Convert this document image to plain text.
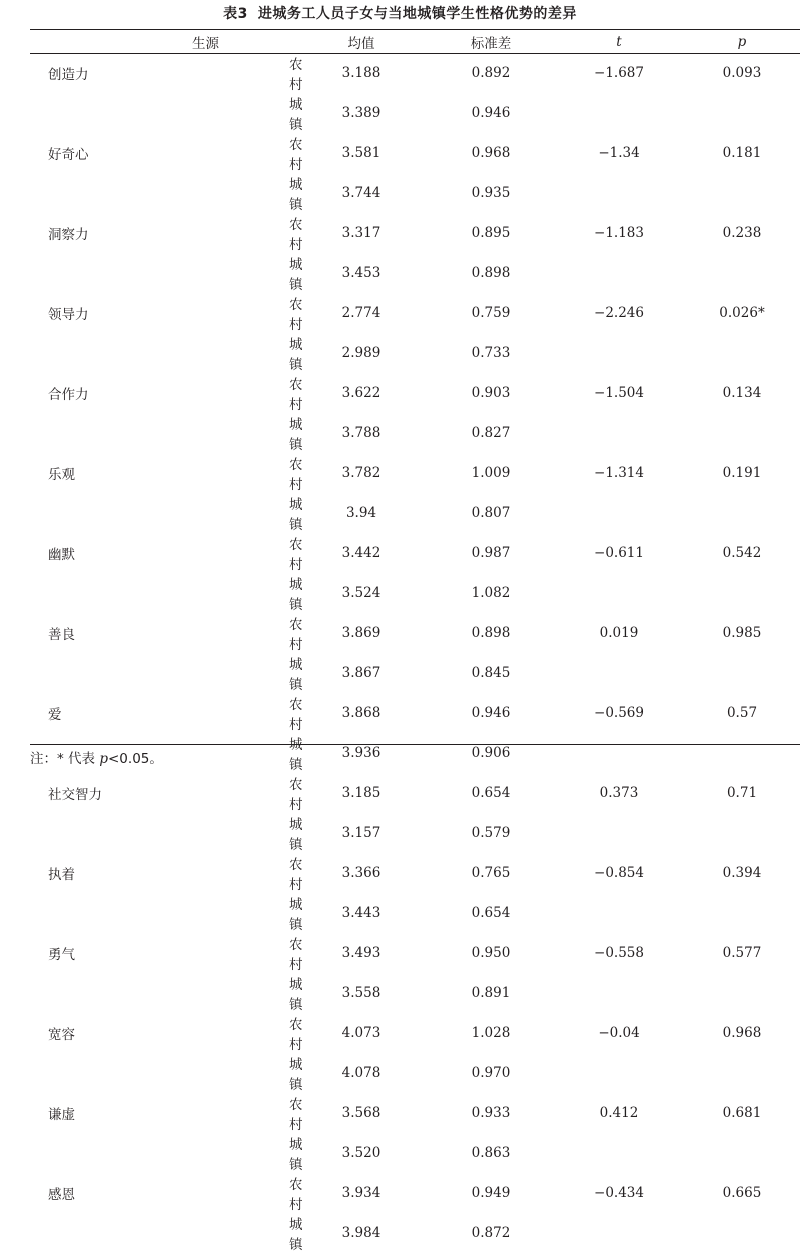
表3 进城务工人员子女与当地城镇学生性格优势的差异
	生源	均值	标准差	t	p
创造力	农村	3.188	0.892	−1.687	0.093
	城镇	3.389	0.946		
好奇心	农村	3.581	0.968	−1.34	0.181
	城镇	3.744	0.935		
洞察力	农村	3.317	0.895	−1.183	0.238
	城镇	3.453	0.898		
领导力	农村	2.774	0.759	−2.246	0.026*
	城镇	2.989	0.733		
合作力	农村	3.622	0.903	−1.504	0.134
	城镇	3.788	0.827		
乐观	农村	3.782	1.009	−1.314	0.191
	城镇	3.94	0.807		
幽默	农村	3.442	0.987	−0.611	0.542
	城镇	3.524	1.082		
善良	农村	3.869	0.898	0.019	0.985
	城镇	3.867	0.845		
爱	农村	3.868	0.946	−0.569	0.57
	城镇	3.936	0.906		
社交智力	农村	3.185	0.654	0.373	0.71
	城镇	3.157	0.579		
执着	农村	3.366	0.765	−0.854	0.394
	城镇	3.443	0.654		
勇气	农村	3.493	0.950	−0.558	0.577
	城镇	3.558	0.891		
宽容	农村	4.073	1.028	−0.04	0.968
	城镇	4.078	0.970		
谦虚	农村	3.568	0.933	0.412	0.681
	城镇	3.520	0.863		
感恩	农村	3.934	0.949	−0.434	0.665
	城镇	3.984	0.872		
注：* 代表 p<0.05。
